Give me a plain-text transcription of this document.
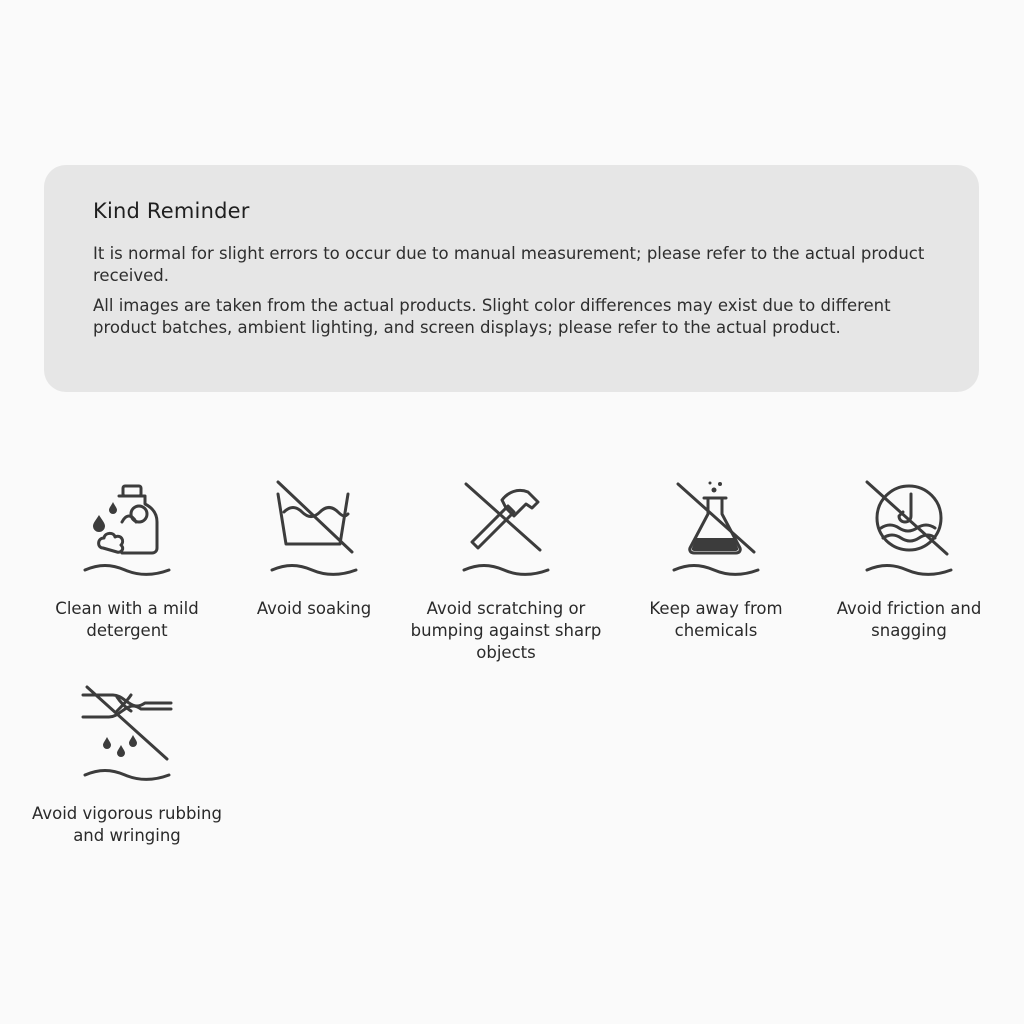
Kind Reminder

It is normal for slight errors to occur due to manual measurement; please refer to the actual product received.

All images are taken from the actual products. Slight color differences may exist due to different product batches, ambient lighting, and screen displays; please refer to the actual product.

Clean with a mild detergent
Avoid soaking	Avoid scratching or bumping against sharp objects
Keep away from chemicals
Avoid friction and snagging
Avoid vigorous rubbing and wringing
